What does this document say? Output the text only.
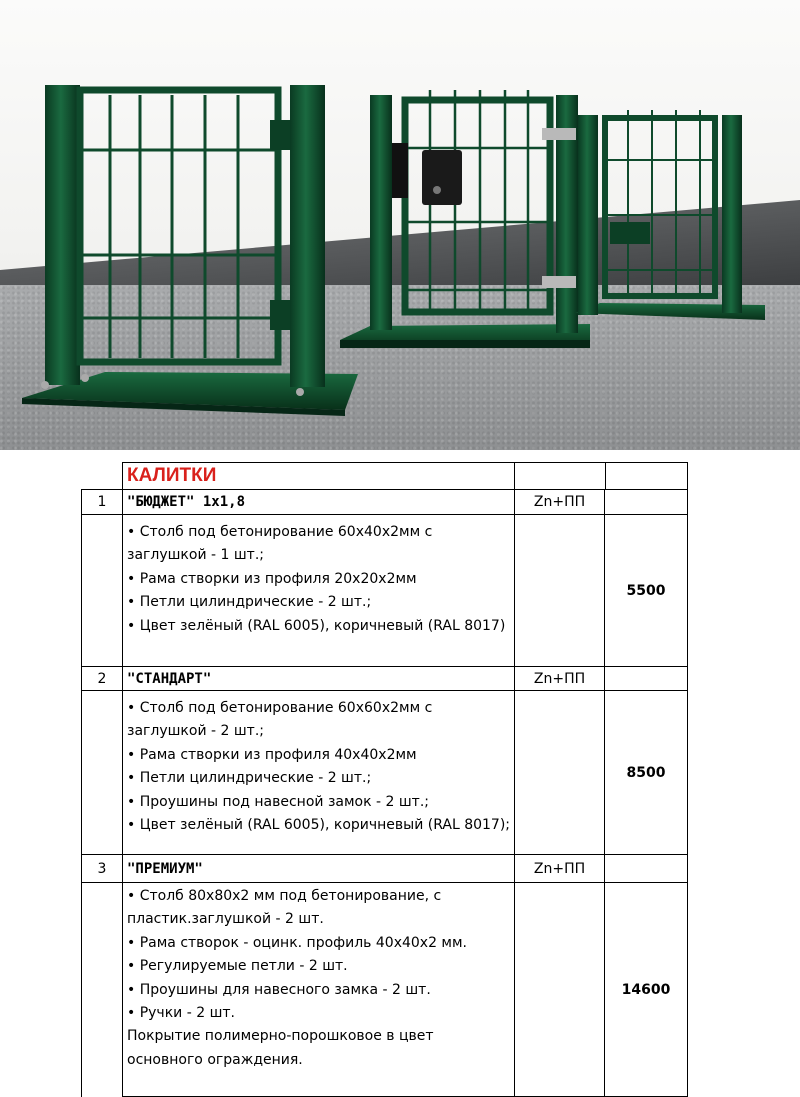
КАЛИТКИ
1	"БЮДЖЕТ" 1х1,8	Zn+ПП
• Столб под бетонирование 60х40х2мм с
заглушкой - 1 шт.;
• Рама створки из профиля 20х20х2мм
• Петли цилиндрические - 2 шт.;
• Цвет зелёный (RAL 6005), коричневый (RAL 8017)
5500
2	"СТАНДАРТ"	Zn+ПП
• Столб под бетонирование 60х60х2мм с
заглушкой - 2 шт.;
• Рама створки из профиля 40х40х2мм
• Петли цилиндрические - 2 шт.;
• Проушины под навесной замок - 2 шт.;
• Цвет зелёный (RAL 6005), коричневый (RAL 8017);
8500
3	"ПРЕМИУМ"	Zn+ПП
• Столб 80х80х2 мм под бетонирование, с
пластик.заглушкой - 2 шт.
• Рама створок - оцинк. профиль 40х40х2 мм.
• Регулируемые петли - 2 шт.
• Проушины для навесного замка - 2 шт.
• Ручки - 2 шт.
Покрытие полимерно-порошковое в цвет
основного ограждения.
14600
